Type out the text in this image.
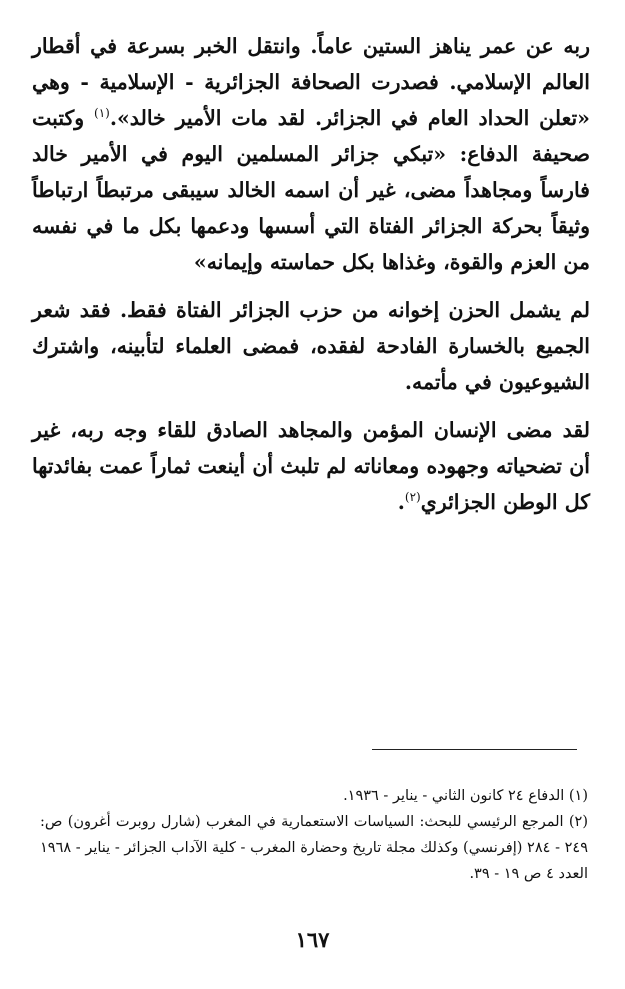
ربه عن عمر يناهز الستين عاماً. وانتقل الخبر بسرعة في أقطار العالم الإسلامي. فصدرت الصحافة الجزائرية - الإسلامية - وهي «تعلن الحداد العام في الجزائر. لقد مات الأمير خالد».$^{(١)}$ وكتبت صحيفة الدفاع: «تبكي جزائر المسلمين اليوم في الأمير خالد فارساً ومجاهداً مضى، غير أن اسمه الخالد سيبقى مرتبطاً ارتباطاً وثيقاً بحركة الجزائر الفتاة التي أسسها ودعمها بكل ما في نفسه من العزم والقوة، وغذاها بكل حماسته وإيمانه»

لم يشمل الحزن إخوانه من حزب الجزائر الفتاة فقط. فقد شعر الجميع بالخسارة الفادحة لفقده، فمضى العلماء لتأبينه، واشترك الشيوعيون في مأتمه.

لقد مضى الإنسان المؤمن والمجاهد الصادق للقاء وجه ربه، غير أن تضحياته وجهوده ومعاناته لم تلبث أن أينعت ثماراً عمت بفائدتها كل الوطن الجزائري$^{(٢)}$.

(١) الدفاع ٢٤ كانون الثاني - يناير - ١٩٣٦.

(٢) المرجع الرئيسي للبحث: السياسات الاستعمارية في المغرب (شارل روبرت أغرون) ص: ٢٤٩ - ٢٨٤ (إفرنسي) وكذلك مجلة تاريخ وحضارة المغرب - كلية الآداب الجزائر - يناير - ١٩٦٨ العدد ٤ ص ١٩ - ٣٩.

١٦٧
